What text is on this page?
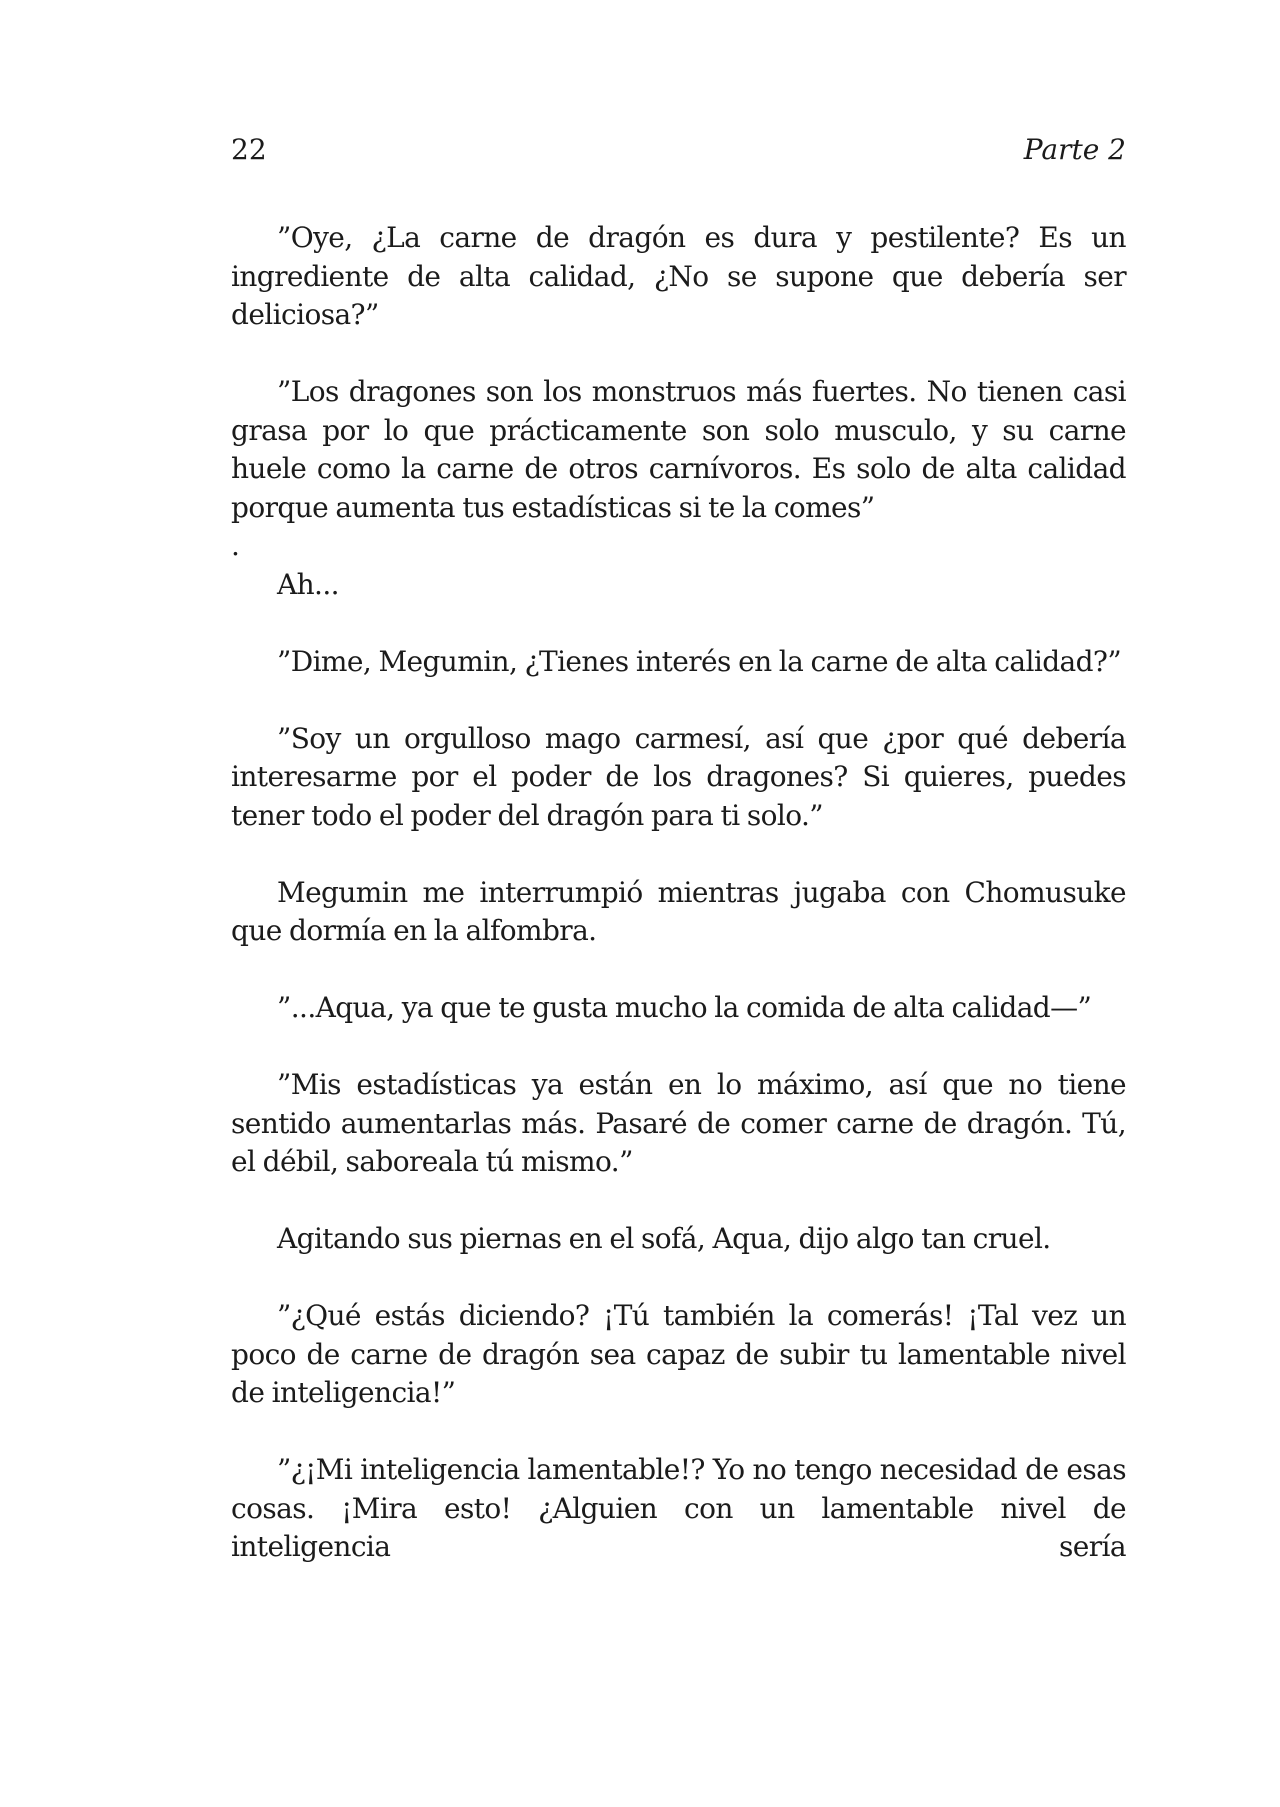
22	Parte 2

”Oye, ¿La carne de dragón es dura y pestilente? Es un ingrediente de alta calidad, ¿No se supone que debería ser deliciosa?”

”Los dragones son los monstruos más fuertes. No tienen casi grasa por lo que prácticamente son solo musculo, y su carne huele como la carne de otros carnívoros. Es solo de alta calidad porque aumenta tus estadísticas si te la comes”

.

Ah...

”Dime, Megumin, ¿Tienes interés en la carne de alta calidad?”

”Soy un orgulloso mago carmesí, así que ¿por qué debería interesarme por el poder de los dragones? Si quieres, puedes tener todo el poder del dragón para ti solo.”

Megumin me interrumpió mientras jugaba con Chomusuke que dormía en la alfombra.

”...Aqua, ya que te gusta mucho la comida de alta calidad—”

”Mis estadísticas ya están en lo máximo, así que no tiene sentido aumentarlas más. Pasaré de comer carne de dragón. Tú, el débil, saboreala tú mismo.”

Agitando sus piernas en el sofá, Aqua, dijo algo tan cruel.

”¿Qué estás diciendo? ¡Tú también la comerás! ¡Tal vez un poco de carne de dragón sea capaz de subir tu lamentable nivel de inteligencia!”

”¿¡Mi inteligencia lamentable!? Yo no tengo necesidad de esas cosas. ¡Mira esto! ¿Alguien con un lamentable nivel de inteligencia sería
